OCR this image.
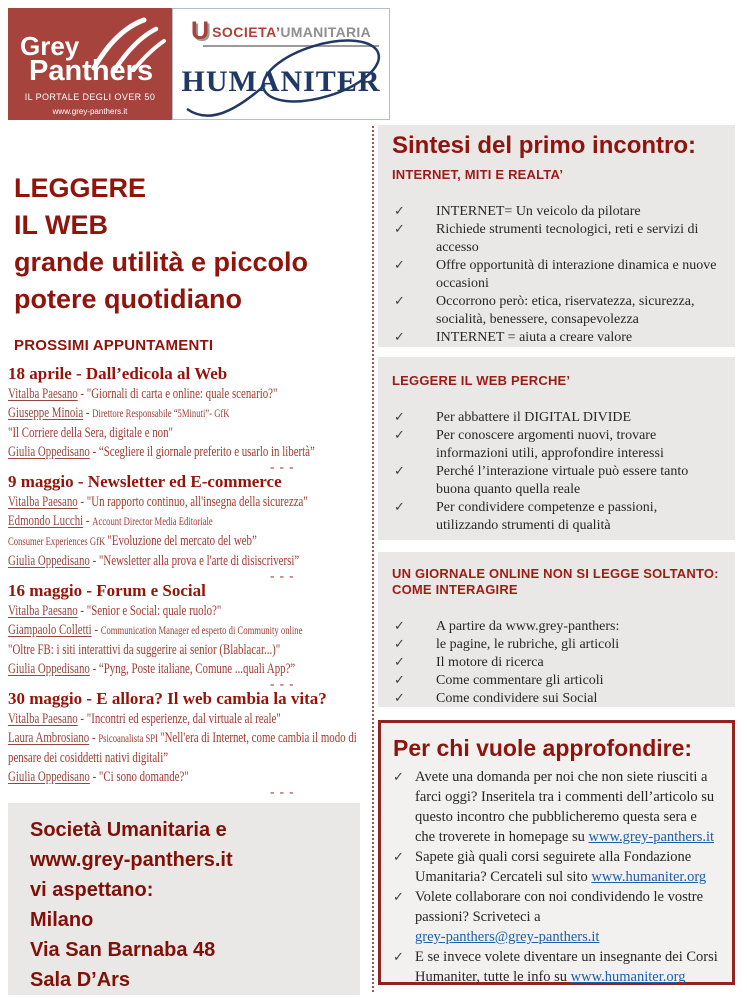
Grey
Panthers
IL PORTALE DEGLI OVER 50
www.grey-panthers.it
USOCIETA’UMANITARIA
HUMANITER
LEGGERE
IL WEB
grande utilità e piccolo
potere quotidiano
PROSSIMI APPUNTAMENTI
18 aprile - Dall’edicola al Web
Vitalba Paesano - "Giornali di carta e online: quale scenario?"
Giuseppe Minoia - Direttore Responsabile “5Minuti”- GfK
"Il Corriere della Sera, digitale e non"
Giulia Oppedisano - “Scegliere il giornale preferito e usarlo in libertà”
- - -
9 maggio - Newsletter ed E-commerce
Vitalba Paesano - "Un rapporto continuo, all'insegna della sicurezza"
Edmondo Lucchi - Account Director Media Editoriale
Consumer Experiences GfK "Evoluzione del mercato del web”
Giulia Oppedisano - "Newsletter alla prova e l'arte di disiscriversi”
- - -
16 maggio - Forum e Social
Vitalba Paesano - "Senior e Social: quale ruolo?"
Giampaolo Colletti - Communication Manager ed esperto di Community online
"Oltre FB: i siti interattivi da suggerire ai senior (Blablacar...)"
Giulia Oppedisano - “Pyng, Poste italiane, Comune ...quali App?”
- - -
30 maggio - E allora? Il web cambia la vita?
Vitalba Paesano - "Incontri ed esperienze, dal virtuale al reale"
Laura Ambrosiano - Psicoanalista SPI "Nell'era di Internet, come cambia il modo di pensare dei cosiddetti nativi digitali”
Giulia Oppedisano - "Ci sono domande?"
- - -
Società Umanitaria e
www.grey-panthers.it
vi aspettano:
Milano
Via San Barnaba 48
Sala D’Ars
Sintesi del primo incontro:
INTERNET, MITI E REALTA’
✓ INTERNET= Un veicolo da pilotare
✓ Richiede strumenti tecnologici, reti e servizi di accesso
✓ Offre opportunità di interazione dinamica e nuove occasioni
✓ Occorrono però: etica, riservatezza, sicurezza, socialità, benessere, consapevolezza
✓ INTERNET = aiuta a creare valore
LEGGERE IL WEB PERCHE’
✓ Per abbattere il DIGITAL DIVIDE
✓ Per conoscere argomenti nuovi, trovare informazioni utili, approfondire interessi
✓ Perché l’interazione virtuale può essere tanto buona quanto quella reale
✓ Per condividere competenze e passioni, utilizzando strumenti di qualità
UN GIORNALE ONLINE NON SI LEGGE SOLTANTO: COME INTERAGIRE
✓ A partire da www.grey-panthers:
✓ le pagine, le rubriche, gli articoli
✓ Il motore di ricerca
✓ Come commentare gli articoli
✓ Come condividere sui Social
Per chi vuole approfondire:
✓ Avete una domanda per noi che non siete riusciti a farci oggi? Inseritela tra i commenti dell’articolo su questo incontro che pubblicheremo questa sera e che troverete in homepage su www.grey-panthers.it
✓ Sapete già quali corsi seguirete alla Fondazione Umanitaria? Cercateli sul sito www.humaniter.org
✓ Volete collaborare con noi condividendo le vostre passioni? Scriveteci a grey-panthers@grey-panthers.it
✓ E se invece volete diventare un insegnante dei Corsi Humaniter, tutte le info su www.humaniter.org
